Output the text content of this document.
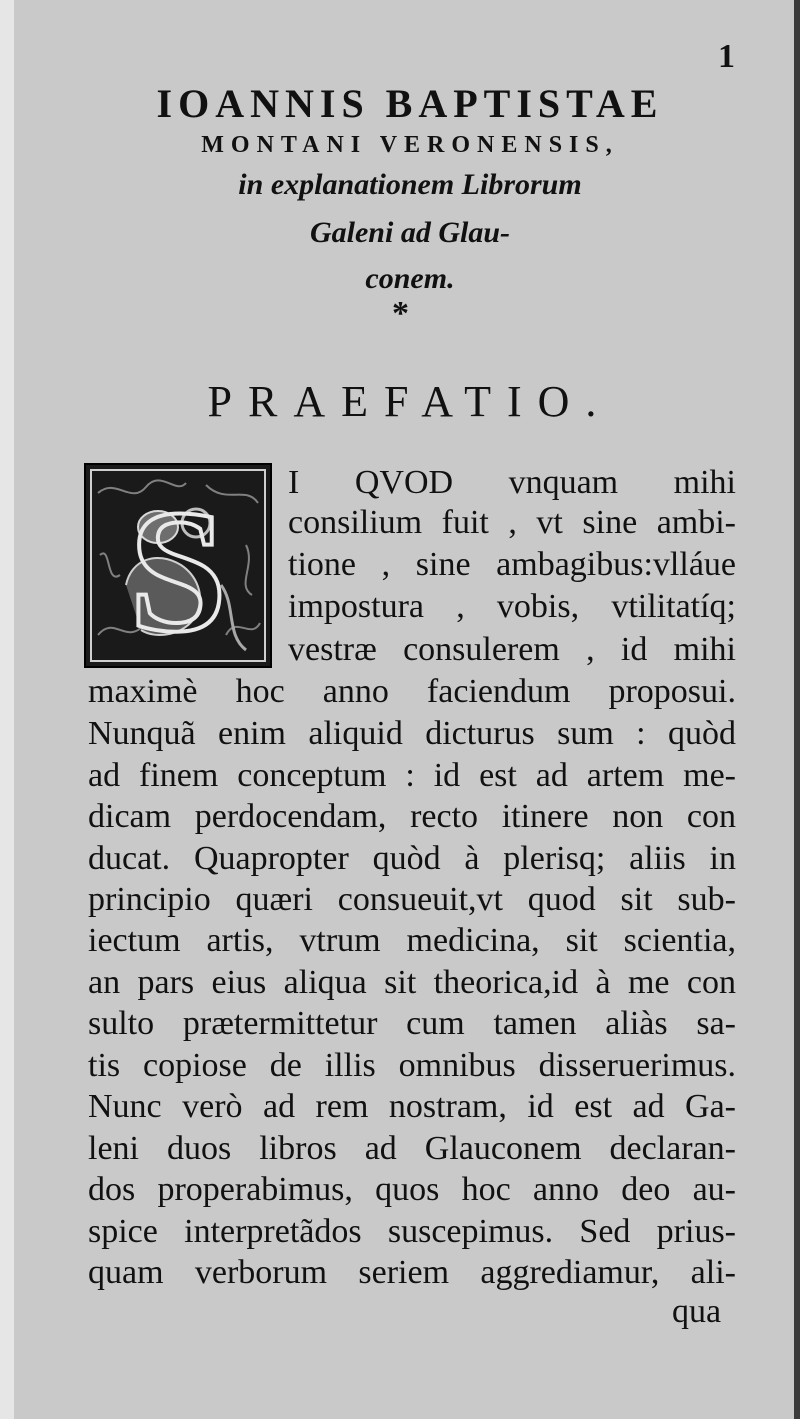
1
IOANNIS BAPTISTAE
MONTANI VERONENSIS,
in explanationem Librorum
Galeni ad Glau-
conem.
*
PRAEFATIO.
S I QVOD vnquam mihi
consilium fuit , vt sine ambi-
tione , sine ambagibus:vlláue
impostura , vobis, vtilitatíq;
vestræ consulerem , id mihi
maximè hoc anno faciendum proposui.
Nunquã enim aliquid dicturus sum : quòd
ad finem conceptum : id est ad artem me-
dicam perdocendam, recto itinere non con
ducat. Quapropter quòd à plerisq; aliis in
principio quæri consueuit,vt quod sit sub-
iectum artis, vtrum medicina, sit scientia,
an pars eius aliqua sit theorica,id à me con
sulto prætermittetur cum tamen aliàs sa-
tis copiose de illis omnibus disseruerimus.
Nunc verò ad rem nostram, id est ad Ga-
leni duos libros ad Glauconem declaran-
dos properabimus, quos hoc anno deo au-
spice interpretãdos suscepimus. Sed prius-
quam verborum seriem aggrediamur, ali-
qua
